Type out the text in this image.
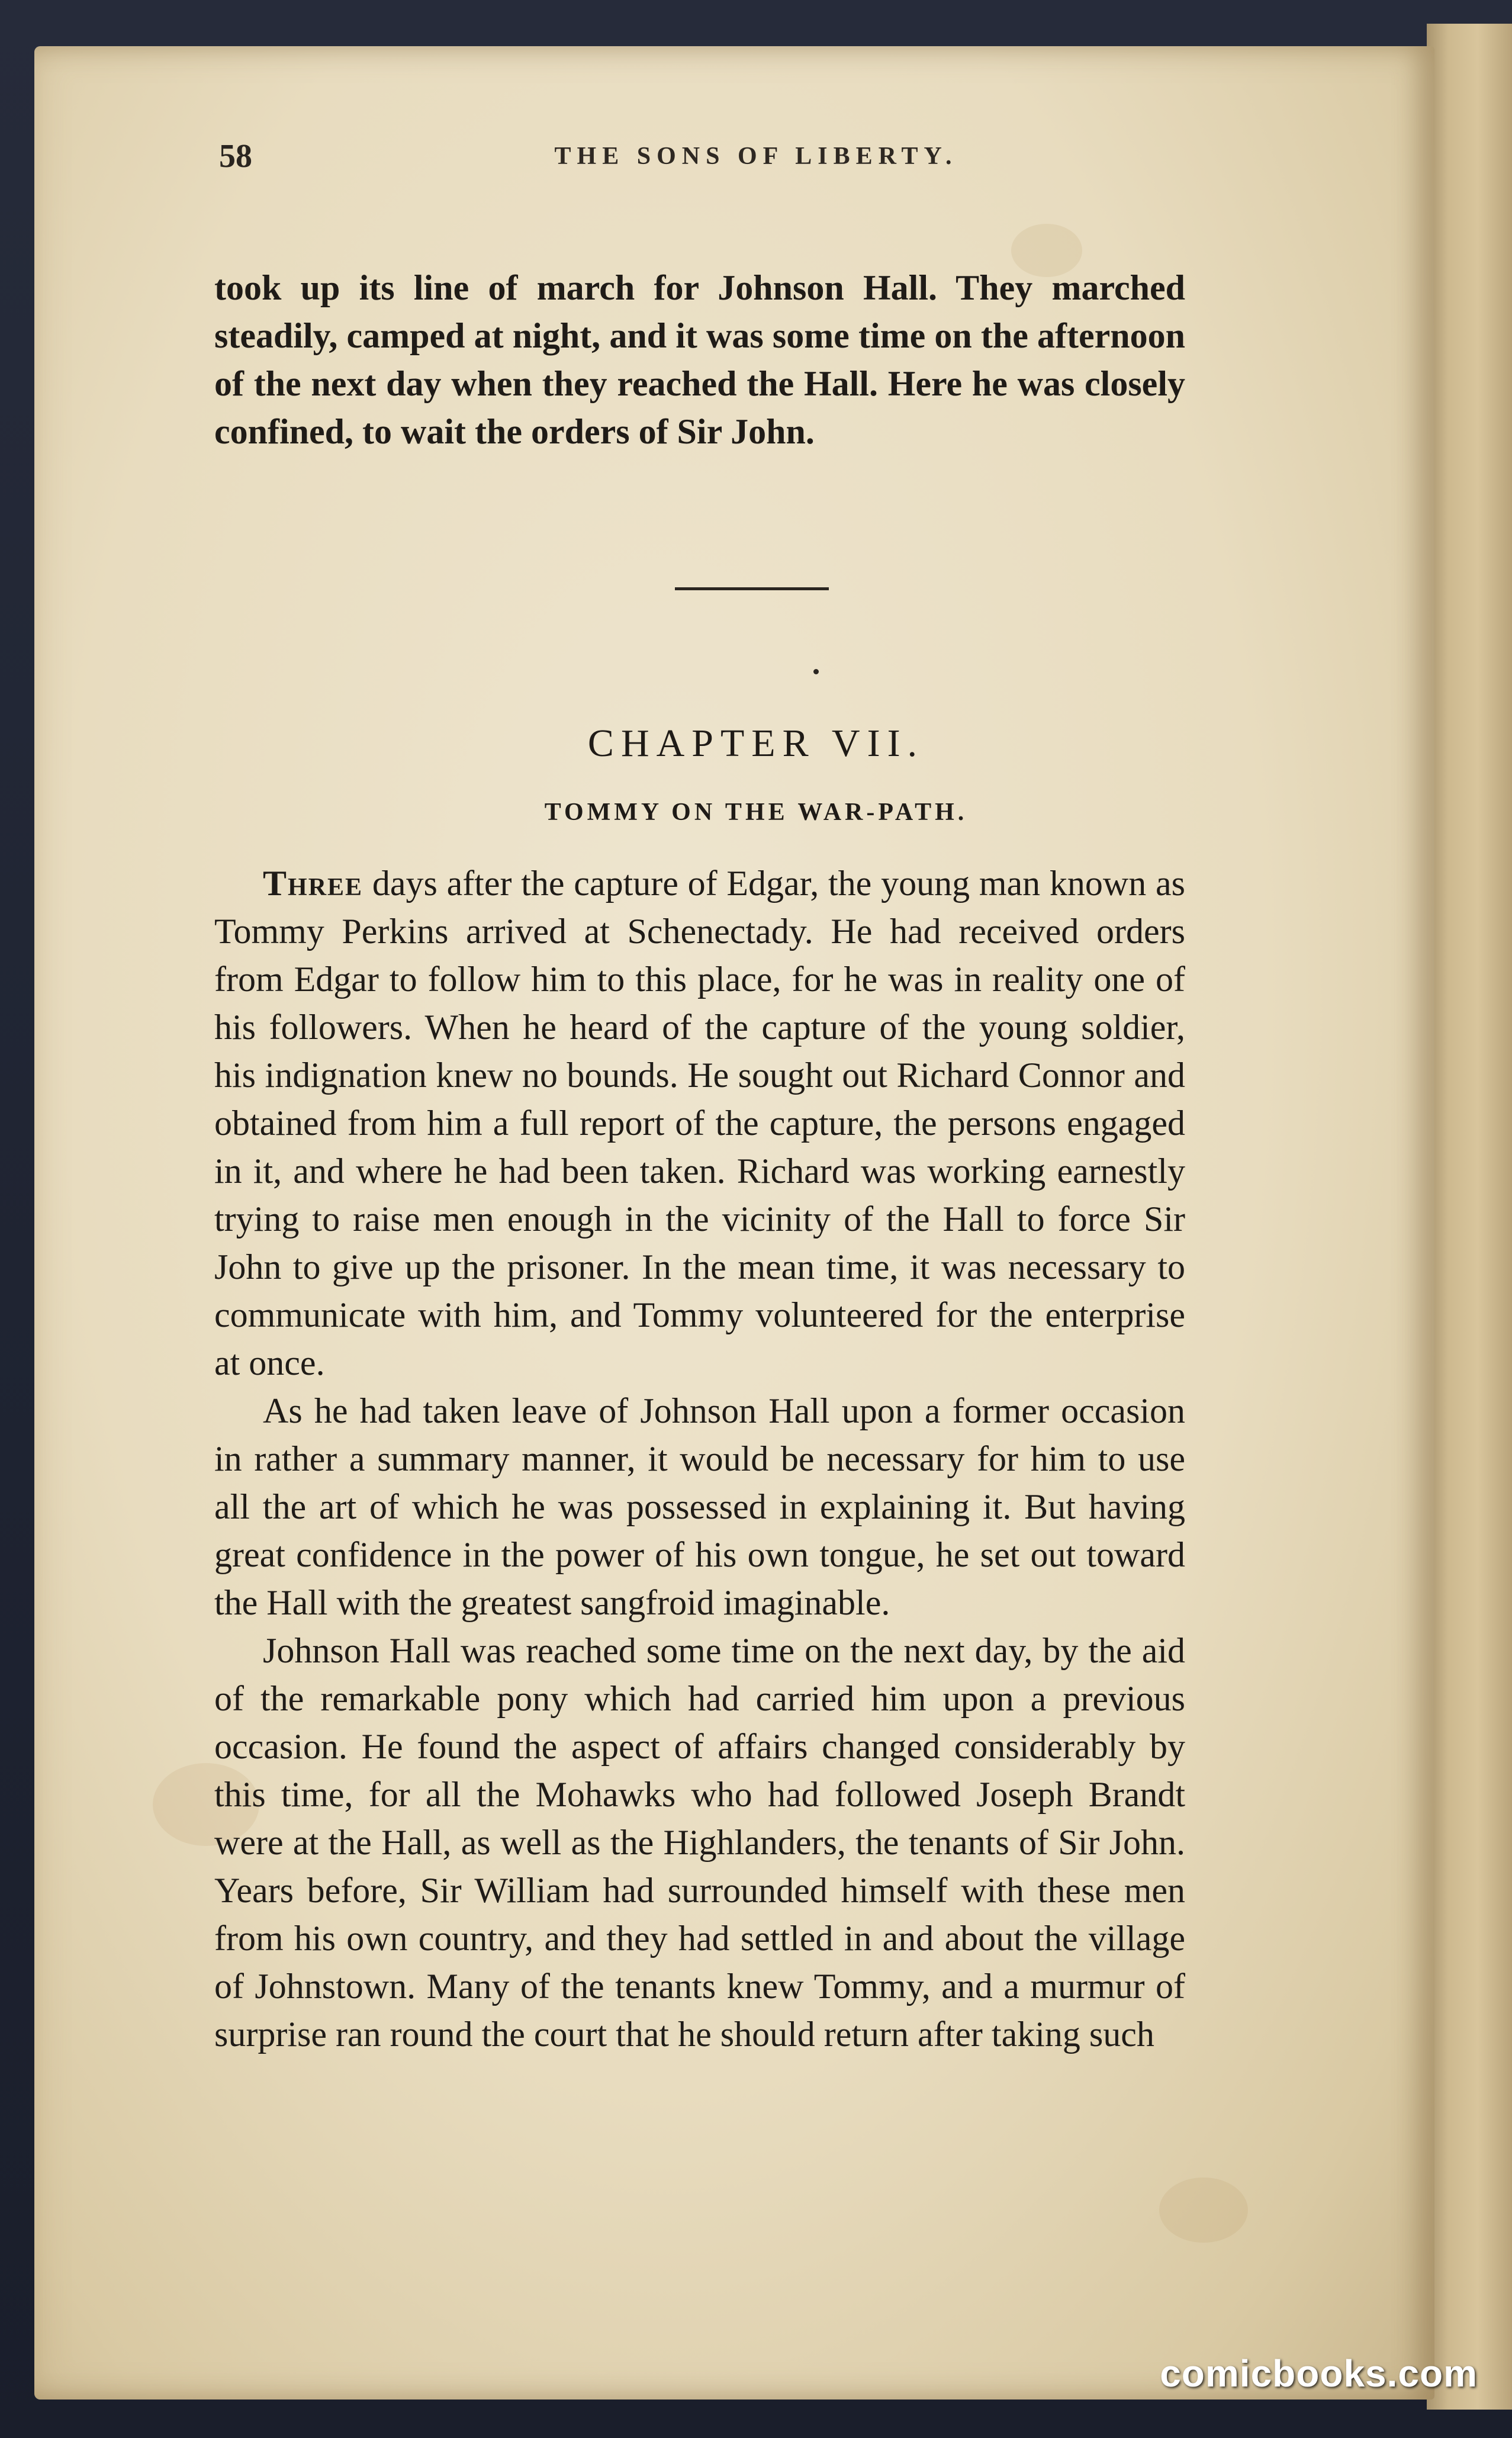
58	THE SONS OF LIBERTY.

took up its line of march for Johnson Hall. They marched steadily, camped at night, and it was some time on the afternoon of the next day when they reached the Hall. Here he was closely confined, to wait the orders of Sir John.

CHAPTER VII.
TOMMY ON THE WAR-PATH.

Three days after the capture of Edgar, the young man known as Tommy Perkins arrived at Schenectady. He had received orders from Edgar to follow him to this place, for he was in reality one of his followers. When he heard of the capture of the young soldier, his indignation knew no bounds. He sought out Richard Connor and obtained from him a full report of the capture, the persons engaged in it, and where he had been taken. Richard was working earnestly trying to raise men enough in the vicinity of the Hall to force Sir John to give up the prisoner. In the mean time, it was necessary to communicate with him, and Tommy volunteered for the enterprise at once.

As he had taken leave of Johnson Hall upon a former occasion in rather a summary manner, it would be necessary for him to use all the art of which he was possessed in explaining it. But having great confidence in the power of his own tongue, he set out toward the Hall with the greatest sangfroid imaginable.

Johnson Hall was reached some time on the next day, by the aid of the remarkable pony which had carried him upon a previous occasion. He found the aspect of affairs changed considerably by this time, for all the Mohawks who had followed Joseph Brandt were at the Hall, as well as the Highlanders, the tenants of Sir John. Years before, Sir William had surrounded himself with these men from his own country, and they had settled in and about the village of Johnstown. Many of the tenants knew Tommy, and a murmur of surprise ran round the court that he should return after taking such

comicbooks.com
